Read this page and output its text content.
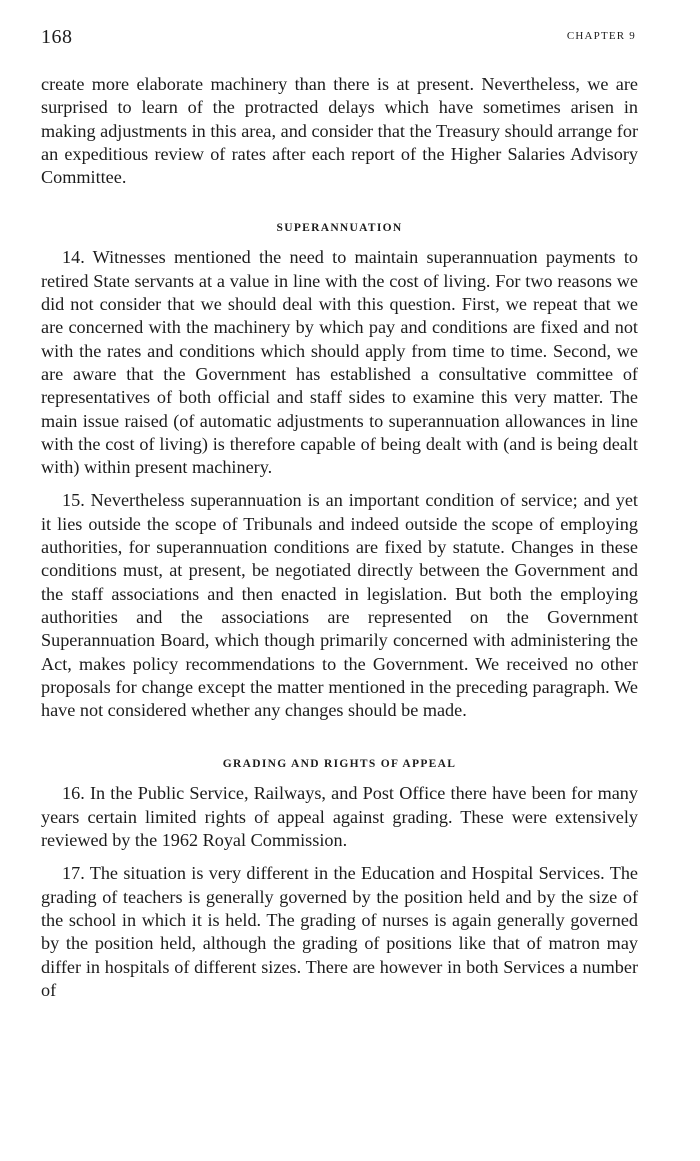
168	CHAPTER 9

create more elaborate machinery than there is at present. Nevertheless, we are surprised to learn of the protracted delays which have sometimes arisen in making adjustments in this area, and consider that the Treasury should arrange for an expeditious review of rates after each report of the Higher Salaries Advisory Committee.

SUPERANNUATION

14. Witnesses mentioned the need to maintain superannuation payments to retired State servants at a value in line with the cost of living. For two reasons we did not consider that we should deal with this question. First, we repeat that we are concerned with the machinery by which pay and conditions are fixed and not with the rates and conditions which should apply from time to time. Second, we are aware that the Government has established a consultative committee of representatives of both official and staff sides to examine this very matter. The main issue raised (of automatic adjustments to superannuation allowances in line with the cost of living) is therefore capable of being dealt with (and is being dealt with) within present machinery.

15. Nevertheless superannuation is an important condition of service; and yet it lies outside the scope of Tribunals and indeed outside the scope of employing authorities, for superannuation conditions are fixed by statute. Changes in these conditions must, at present, be negotiated directly between the Government and the staff associations and then enacted in legislation. But both the employing authorities and the associations are represented on the Government Superannuation Board, which though primarily concerned with administering the Act, makes policy recommendations to the Government. We received no other proposals for change except the matter mentioned in the preceding paragraph. We have not considered whether any changes should be made.

GRADING AND RIGHTS OF APPEAL

16. In the Public Service, Railways, and Post Office there have been for many years certain limited rights of appeal against grading. These were extensively reviewed by the 1962 Royal Commission.

17. The situation is very different in the Education and Hospital Services. The grading of teachers is generally governed by the position held and by the size of the school in which it is held. The grading of nurses is again generally governed by the position held, although the grading of positions like that of matron may differ in hospitals of different sizes. There are however in both Services a number of
